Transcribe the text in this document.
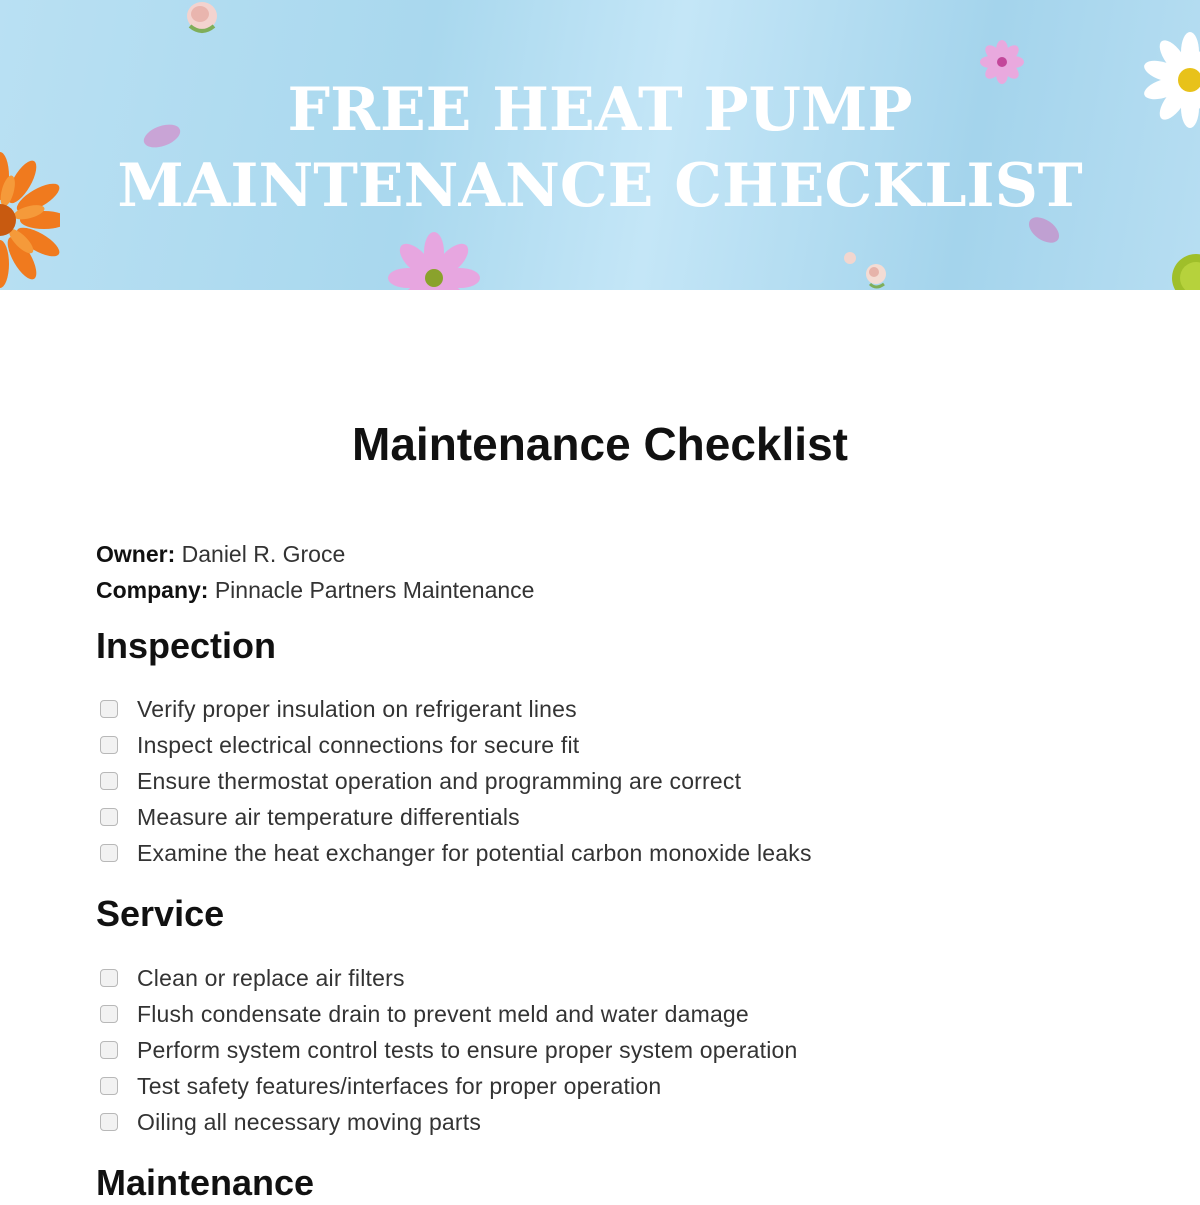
FREE HEAT PUMP
MAINTENANCE CHECKLIST
Maintenance Checklist
Owner: Daniel R. Groce
Company: Pinnacle Partners Maintenance
Inspection
Verify proper insulation on refrigerant lines
Inspect electrical connections for secure fit
Ensure thermostat operation and programming are correct
Measure air temperature differentials
Examine the heat exchanger for potential carbon monoxide leaks
Service
Clean or replace air filters
Flush condensate drain to prevent meld and water damage
Perform system control tests to ensure proper system operation
Test safety features/interfaces for proper operation
Oiling all necessary moving parts
Maintenance
